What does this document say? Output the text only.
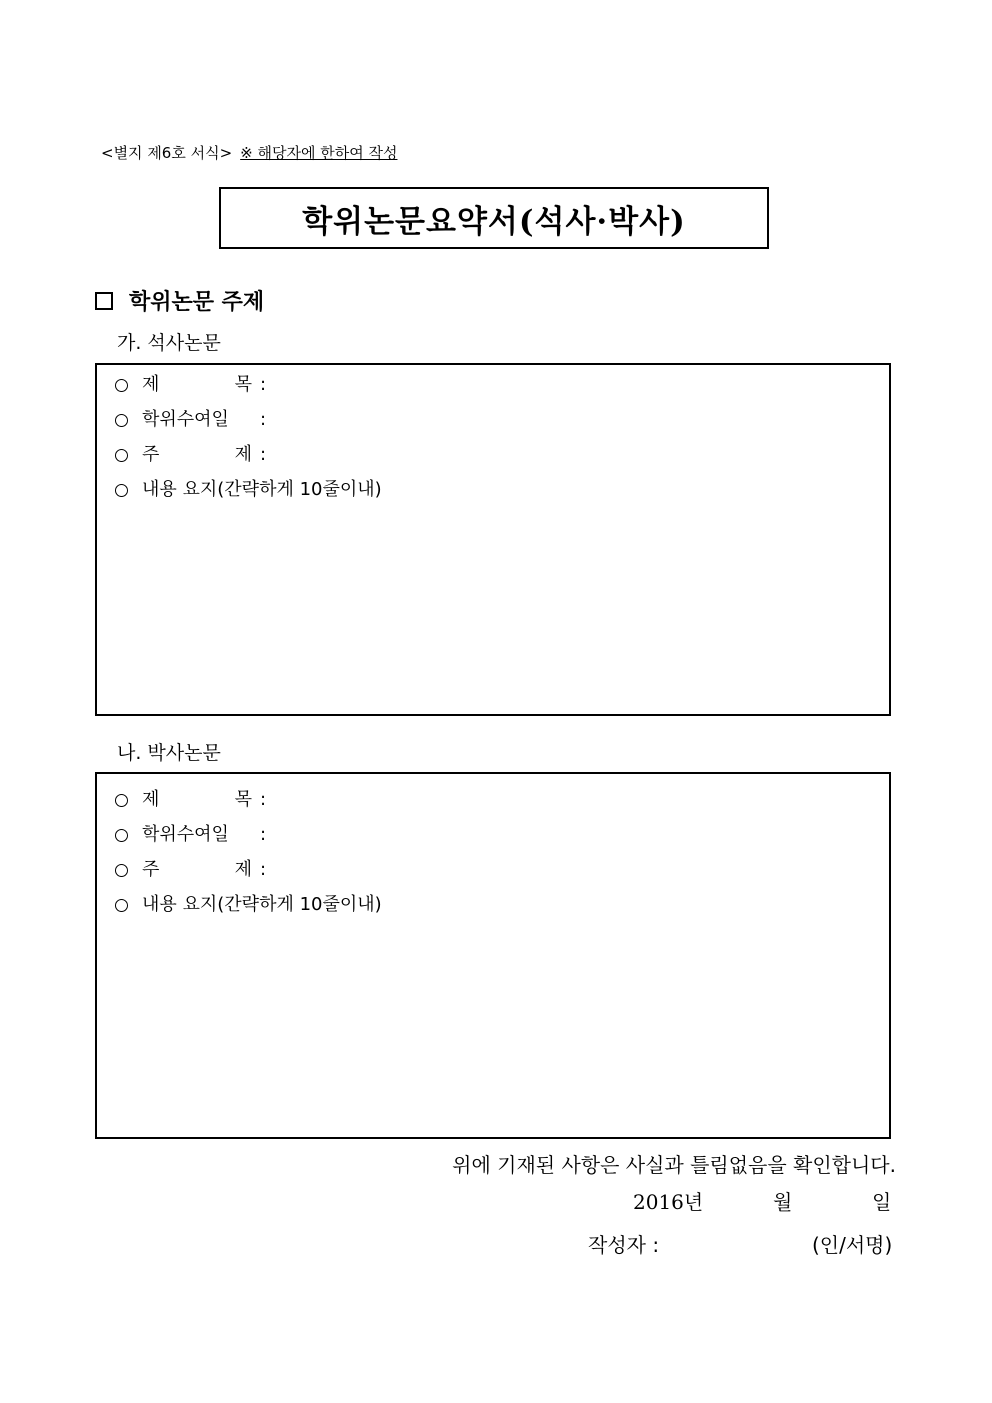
<별지 제6호 서식> ※ 해당자에 한하여 작성
학위논문요약서(석사·박사)
학위논문 주제
가. 석사논문
제 목 :
학위수여일	:
주 제 :
내용 요지(간략하게 10줄이내)
나. 박사논문
제 목 :
학위수여일	:
주 제 :
내용 요지(간략하게 10줄이내)
위에 기재된 사항은 사실과 틀림없음을 확인합니다.
2016년	월	일
작성자 :	(인/서명)
